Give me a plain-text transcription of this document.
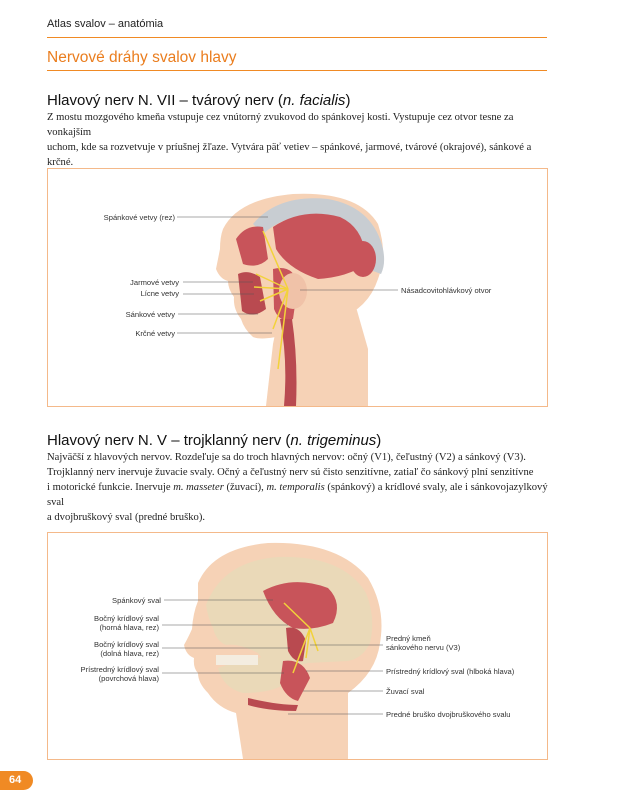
Atlas svalov – anatómia
Nervové dráhy svalov hlavy
Hlavový nerv N. VII – tvárový nerv (n. facialis)
Z mostu mozgového kmeňa vstupuje cez vnútorný zvukovod do spánkovej kosti. Vystupuje cez otvor tesne za vonkajším
uchom, kde sa rozvetvuje v príušnej žľaze. Vytvára päť vetiev – spánkové, jarmové, tvárové (okrajové), sánkové a krčné.
Spánkové vetvy (rez)
Jarmové vetvy
Lícne vetvy
Sánkové vetvy
Krčné vetvy
Násadcovitohlávkový otvor
Hlavový nerv N. V – trojklanný nerv (n. trigeminus)
Najväčší z hlavových nervov. Rozdeľuje sa do troch hlavných nervov: očný (V1), čeľustný (V2) a sánkový (V3).
Trojklanný nerv inervuje žuvacie svaly. Očný a čeľustný nerv sú čisto senzitívne, zatiaľ čo sánkový plní senzitívne
i motorické funkcie. Inervuje m. masseter (žuvací), m. temporalis (spánkový) a krídlové svaly, ale i sánkovojazylkový sval
a dvojbruškový sval (predné bruško).
Spánkový sval
Bočný krídlový sval
(horná hlava, rez)
Bočný krídlový sval
(dolná hlava, rez)
Prístredný krídlový sval
(povrchová hlava)
Predný kmeň
sánkového nervu (V3)
Prístredný krídlový sval (hlboká hlava)
Žuvací sval
Predné bruško dvojbruškového svalu
64
